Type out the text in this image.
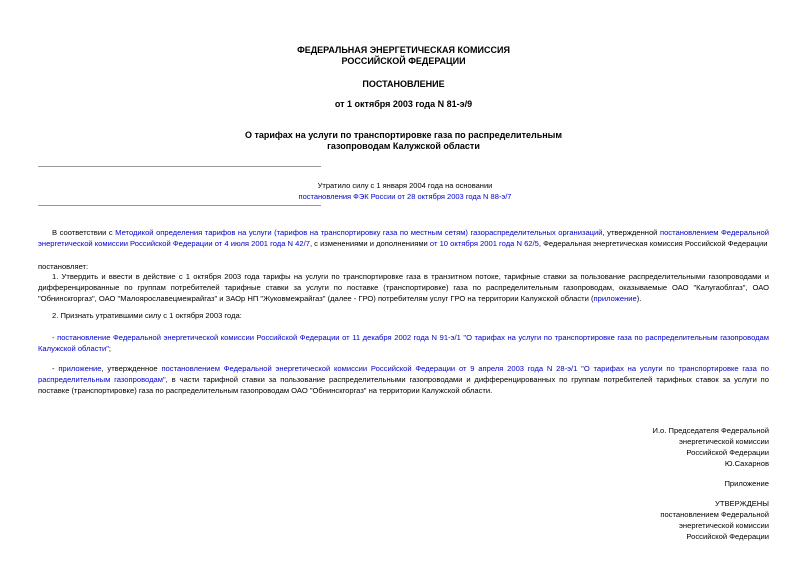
ФЕДЕРАЛЬНАЯ ЭНЕРГЕТИЧЕСКАЯ КОМИССИЯ
РОССИЙСКОЙ ФЕДЕРАЦИИ
ПОСТАНОВЛЕНИЕ
от 1 октября 2003 года N 81-э/9
О тарифах на услуги по транспортировке газа по распределительным
газопроводам Калужской области
Утратило силу с 1 января 2004 года на основании
постановления ФЭК России от 28 октября 2003 года N 88-э/7
В соответствии с Методикой определения тарифов на услуги (тарифов на транспортировку газа по местным сетям) газораспределительных организаций, утвержденной постановлением Федеральной энергетической комиссии Российской Федерации от 4 июля 2001 года N 42/7, с изменениями и дополнениями от 10 октября 2001 года N 62/5, Федеральная энергетическая комиссия Российской Федерации
постановляет:
1. Утвердить и ввести в действие с 1 октября 2003 года тарифы на услуги по транспортировке газа в транзитном потоке, тарифные ставки за пользование распределительными газопроводами и дифференцированные по группам потребителей тарифные ставки за услуги по поставке (транспортировке) газа по распределительным газопроводам, оказываемые ОАО "Калугаоблгаз", ОАО "Обнинскгоргаз", ОАО "Малоярославецмежрайгаз" и ЗАОр НП "Жуковмежрайгаз" (далее - ГРО) потребителям услуг ГРО на территории Калужской области (приложение).
2. Признать утратившими силу с 1 октября 2003 года:
- постановление Федеральной энергетической комиссии Российской Федерации от 11 декабря 2002 года N 91-э/1 "О тарифах на услуги по транспортировке газа по распределительным газопроводам Калужской области";
- приложение, утвержденное постановлением Федеральной энергетической комиссии Российской Федерации от 9 апреля 2003 года N 28-э/1 "О тарифах на услуги по транспортировке газа по распределительным газопроводам", в части тарифной ставки за пользование распределительными газопроводами и дифференцированных по группам потребителей тарифных ставок за услуги по поставке (транспортировке) газа по распределительным газопроводам ОАО "Обнинскгоргаз" на территории Калужской области.
И.о. Председателя Федеральной
энергетической комиссии
Российской Федерации
Ю.Сахарнов
Приложение
УТВЕРЖДЕНЫ
постановлением Федеральной
энергетической комиссии
Российской Федерации
